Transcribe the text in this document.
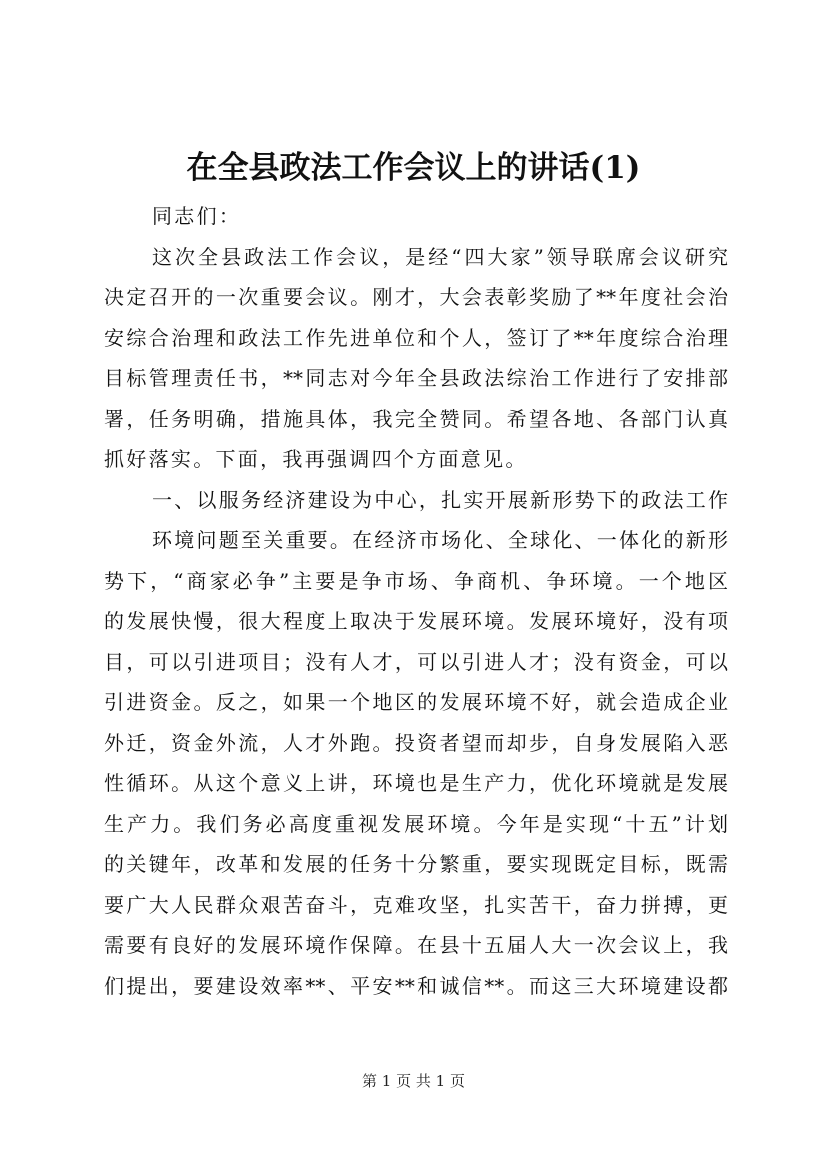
在全县政法工作会议上的讲话(1)
同志们：
这次全县政法工作会议，是经“四大家”领导联席会议研究
决定召开的一次重要会议。刚才，大会表彰奖励了**年度社会治
安综合治理和政法工作先进单位和个人，签订了**年度综合治理
目标管理责任书，**同志对今年全县政法综治工作进行了安排部
署，任务明确，措施具体，我完全赞同。希望各地、各部门认真
抓好落实。下面，我再强调四个方面意见。
一、以服务经济建设为中心，扎实开展新形势下的政法工作
环境问题至关重要。在经济市场化、全球化、一体化的新形
势下，“商家必争”主要是争市场、争商机、争环境。一个地区
的发展快慢，很大程度上取决于发展环境。发展环境好，没有项
目，可以引进项目；没有人才，可以引进人才；没有资金，可以
引进资金。反之，如果一个地区的发展环境不好，就会造成企业
外迁，资金外流，人才外跑。投资者望而却步，自身发展陷入恶
性循环。从这个意义上讲，环境也是生产力，优化环境就是发展
生产力。我们务必高度重视发展环境。今年是实现“十五”计划
的关键年，改革和发展的任务十分繁重，要实现既定目标，既需
要广大人民群众艰苦奋斗，克难攻坚，扎实苦干，奋力拼搏，更
需要有良好的发展环境作保障。在县十五届人大一次会议上，我
们提出，要建设效率**、平安**和诚信**。而这三大环境建设都
第 1 页 共 1 页
